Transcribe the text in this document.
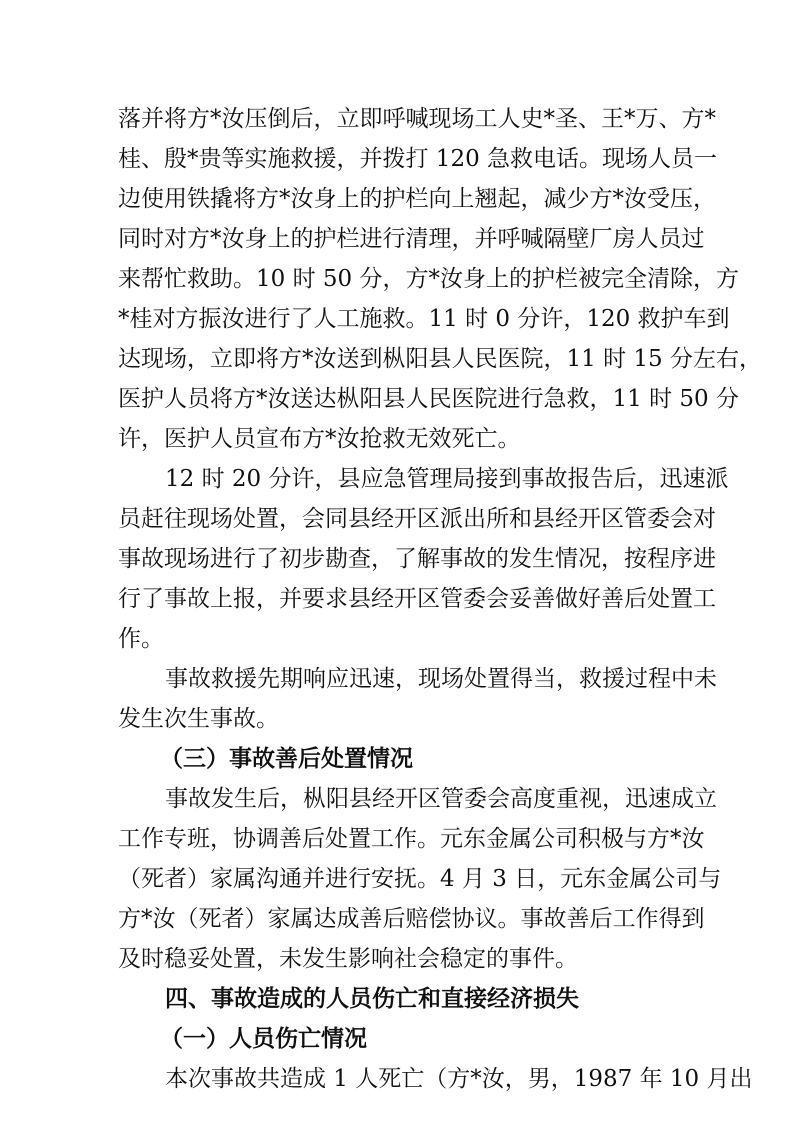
落并将方*汝压倒后，立即呼喊现场工人史*圣、王*万、方*
桂、殷*贵等实施救援，并拨打 120 急救电话。现场人员一
边使用铁撬将方*汝身上的护栏向上翘起，减少方*汝受压，
同时对方*汝身上的护栏进行清理，并呼喊隔壁厂房人员过
来帮忙救助。10 时 50 分，方*汝身上的护栏被完全清除，方
*桂对方振汝进行了人工施救。11 时 0 分许，120 救护车到
达现场，立即将方*汝送到枞阳县人民医院，11 时 15 分左右，
医护人员将方*汝送达枞阳县人民医院进行急救，11 时 50 分
许，医护人员宣布方*汝抢救无效死亡。
12 时 20 分许，县应急管理局接到事故报告后，迅速派
员赶往现场处置，会同县经开区派出所和县经开区管委会对
事故现场进行了初步勘查，了解事故的发生情况，按程序进
行了事故上报，并要求县经开区管委会妥善做好善后处置工
作。
事故救援先期响应迅速，现场处置得当，救援过程中未
发生次生事故。
（三）事故善后处置情况
事故发生后，枞阳县经开区管委会高度重视，迅速成立
工作专班，协调善后处置工作。元东金属公司积极与方*汝
（死者）家属沟通并进行安抚。4 月 3 日，元东金属公司与
方*汝（死者）家属达成善后赔偿协议。事故善后工作得到
及时稳妥处置，未发生影响社会稳定的事件。
四、事故造成的人员伤亡和直接经济损失
（一）人员伤亡情况
本次事故共造成 1 人死亡（方*汝，男，1987 年 10 月出
